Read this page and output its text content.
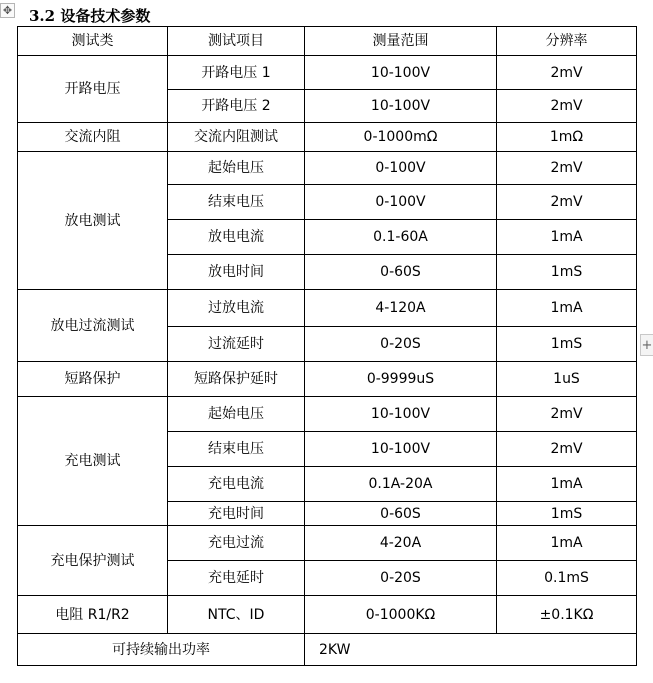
✥ 3.2 设备技术参数
+
测试类	测试项目	测量范围	分辨率
开路电压	开路电压 1	10-100V	2mV
	开路电压 2	10-100V	2mV
交流内阻	交流内阻测试	0-1000mΩ	1mΩ
放电测试	起始电压	0-100V	2mV
	结束电压	0-100V	2mV
	放电电流	0.1-60A	1mA
	放电时间	0-60S	1mS
放电过流测试	过放电流	4-120A	1mA
	过流延时	0-20S	1mS
短路保护	短路保护延时	0-9999uS	1uS
充电测试	起始电压	10-100V	2mV
	结束电压	10-100V	2mV
	充电电流	0.1A-20A	1mA
	充电时间	0-60S	1mS
充电保护测试	充电过流	4-20A	1mA
	充电延时	0-20S	0.1mS
电阻 R1/R2	NTC、ID	0-1000KΩ	±0.1KΩ
可持续输出功率		2KW	
